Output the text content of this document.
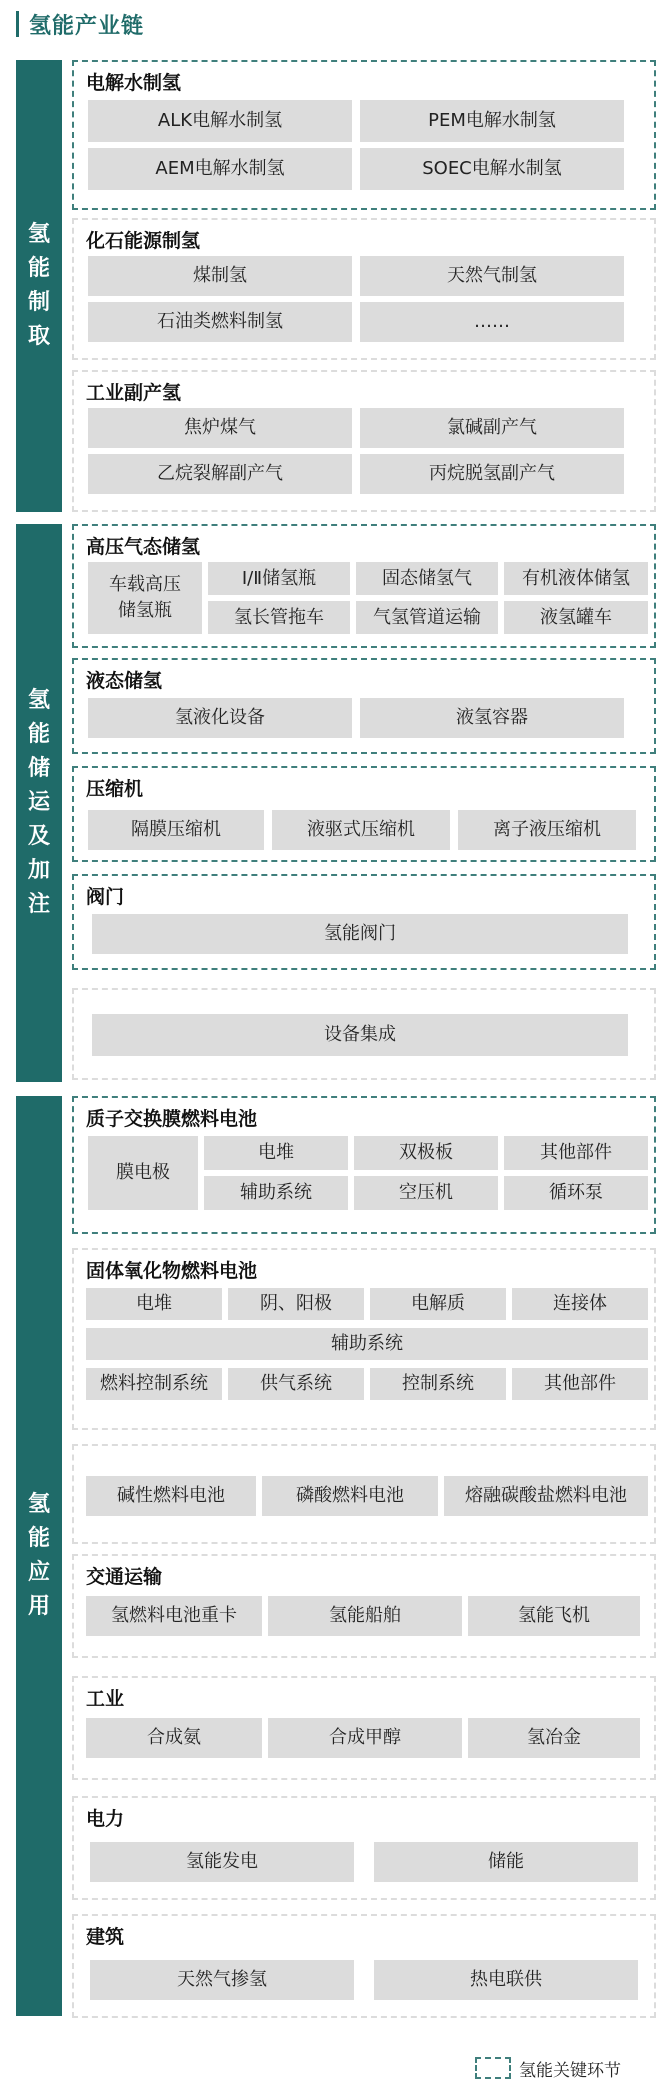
氢能产业链
氢能制取
氢能储运及加注
氢能应用
电解水制氢
ALK电解水制氢	PEM电解水制氢
AEM电解水制氢	SOEC电解水制氢
化石能源制氢
煤制氢	天然气制氢
石油类燃料制氢	……
工业副产氢
焦炉煤气	氯碱副产气
乙烷裂解副产气	丙烷脱氢副产气
高压气态储氢
车载高压储氢瓶
Ⅰ/Ⅱ储氢瓶	固态储氢气	有机液体储氢
氢长管拖车	气氢管道运输	液氢罐车
液态储氢
氢液化设备	液氢容器
压缩机
隔膜压缩机	液驱式压缩机	离子液压缩机
阀门
氢能阀门
设备集成
质子交换膜燃料电池
膜电极
电堆	双极板	其他部件
辅助系统	空压机	循环泵
固体氧化物燃料电池
电堆	阴、阳极	电解质	连接体
辅助系统
燃料控制系统	供气系统	控制系统	其他部件
碱性燃料电池	磷酸燃料电池	熔融碳酸盐燃料电池
交通运输
氢燃料电池重卡	氢能船舶	氢能飞机
工业
合成氨	合成甲醇	氢冶金
电力
氢能发电	储能
建筑
天然气掺氢	热电联供
氢能关键环节
